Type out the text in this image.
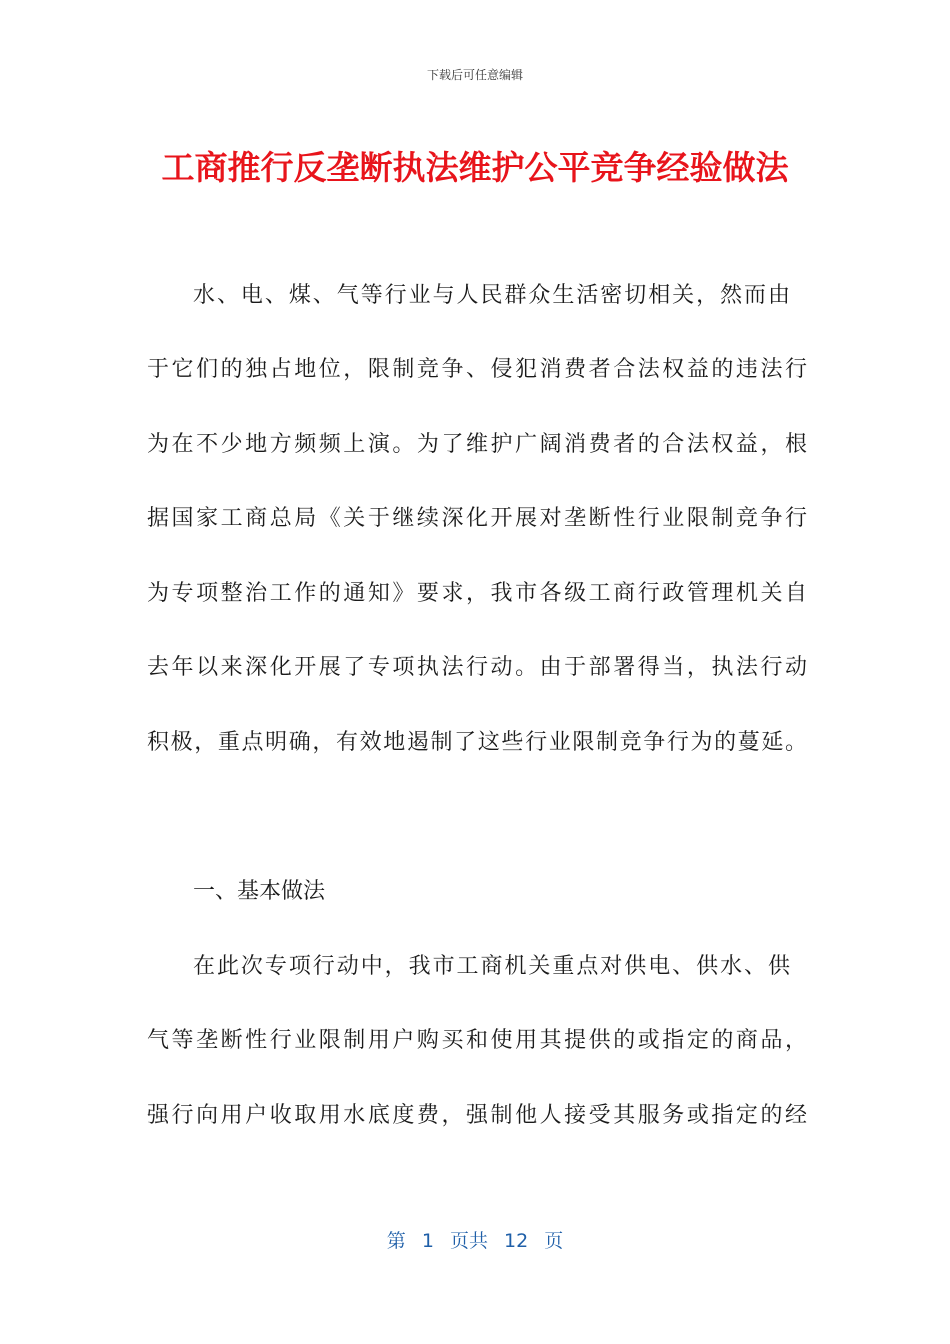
下载后可任意编辑
工商推行反垄断执法维护公平竞争经验做法
水、电、煤、气等行业与人民群众生活密切相关，然而由
于它们的独占地位，限制竞争、侵犯消费者合法权益的违法行
为在不少地方频频上演。为了维护广阔消费者的合法权益，根
据国家工商总局《关于继续深化开展对垄断性行业限制竞争行
为专项整治工作的通知》要求，我市各级工商行政管理机关自
去年以来深化开展了专项执法行动。由于部署得当，执法行动
积极，重点明确，有效地遏制了这些行业限制竞争行为的蔓延。
一、基本做法
在此次专项行动中，我市工商机关重点对供电、供水、供
气等垄断性行业限制用户购买和使用其提供的或指定的商品，
强行向用户收取用水底度费，强制他人接受其服务或指定的经
第 1 页共 12 页
